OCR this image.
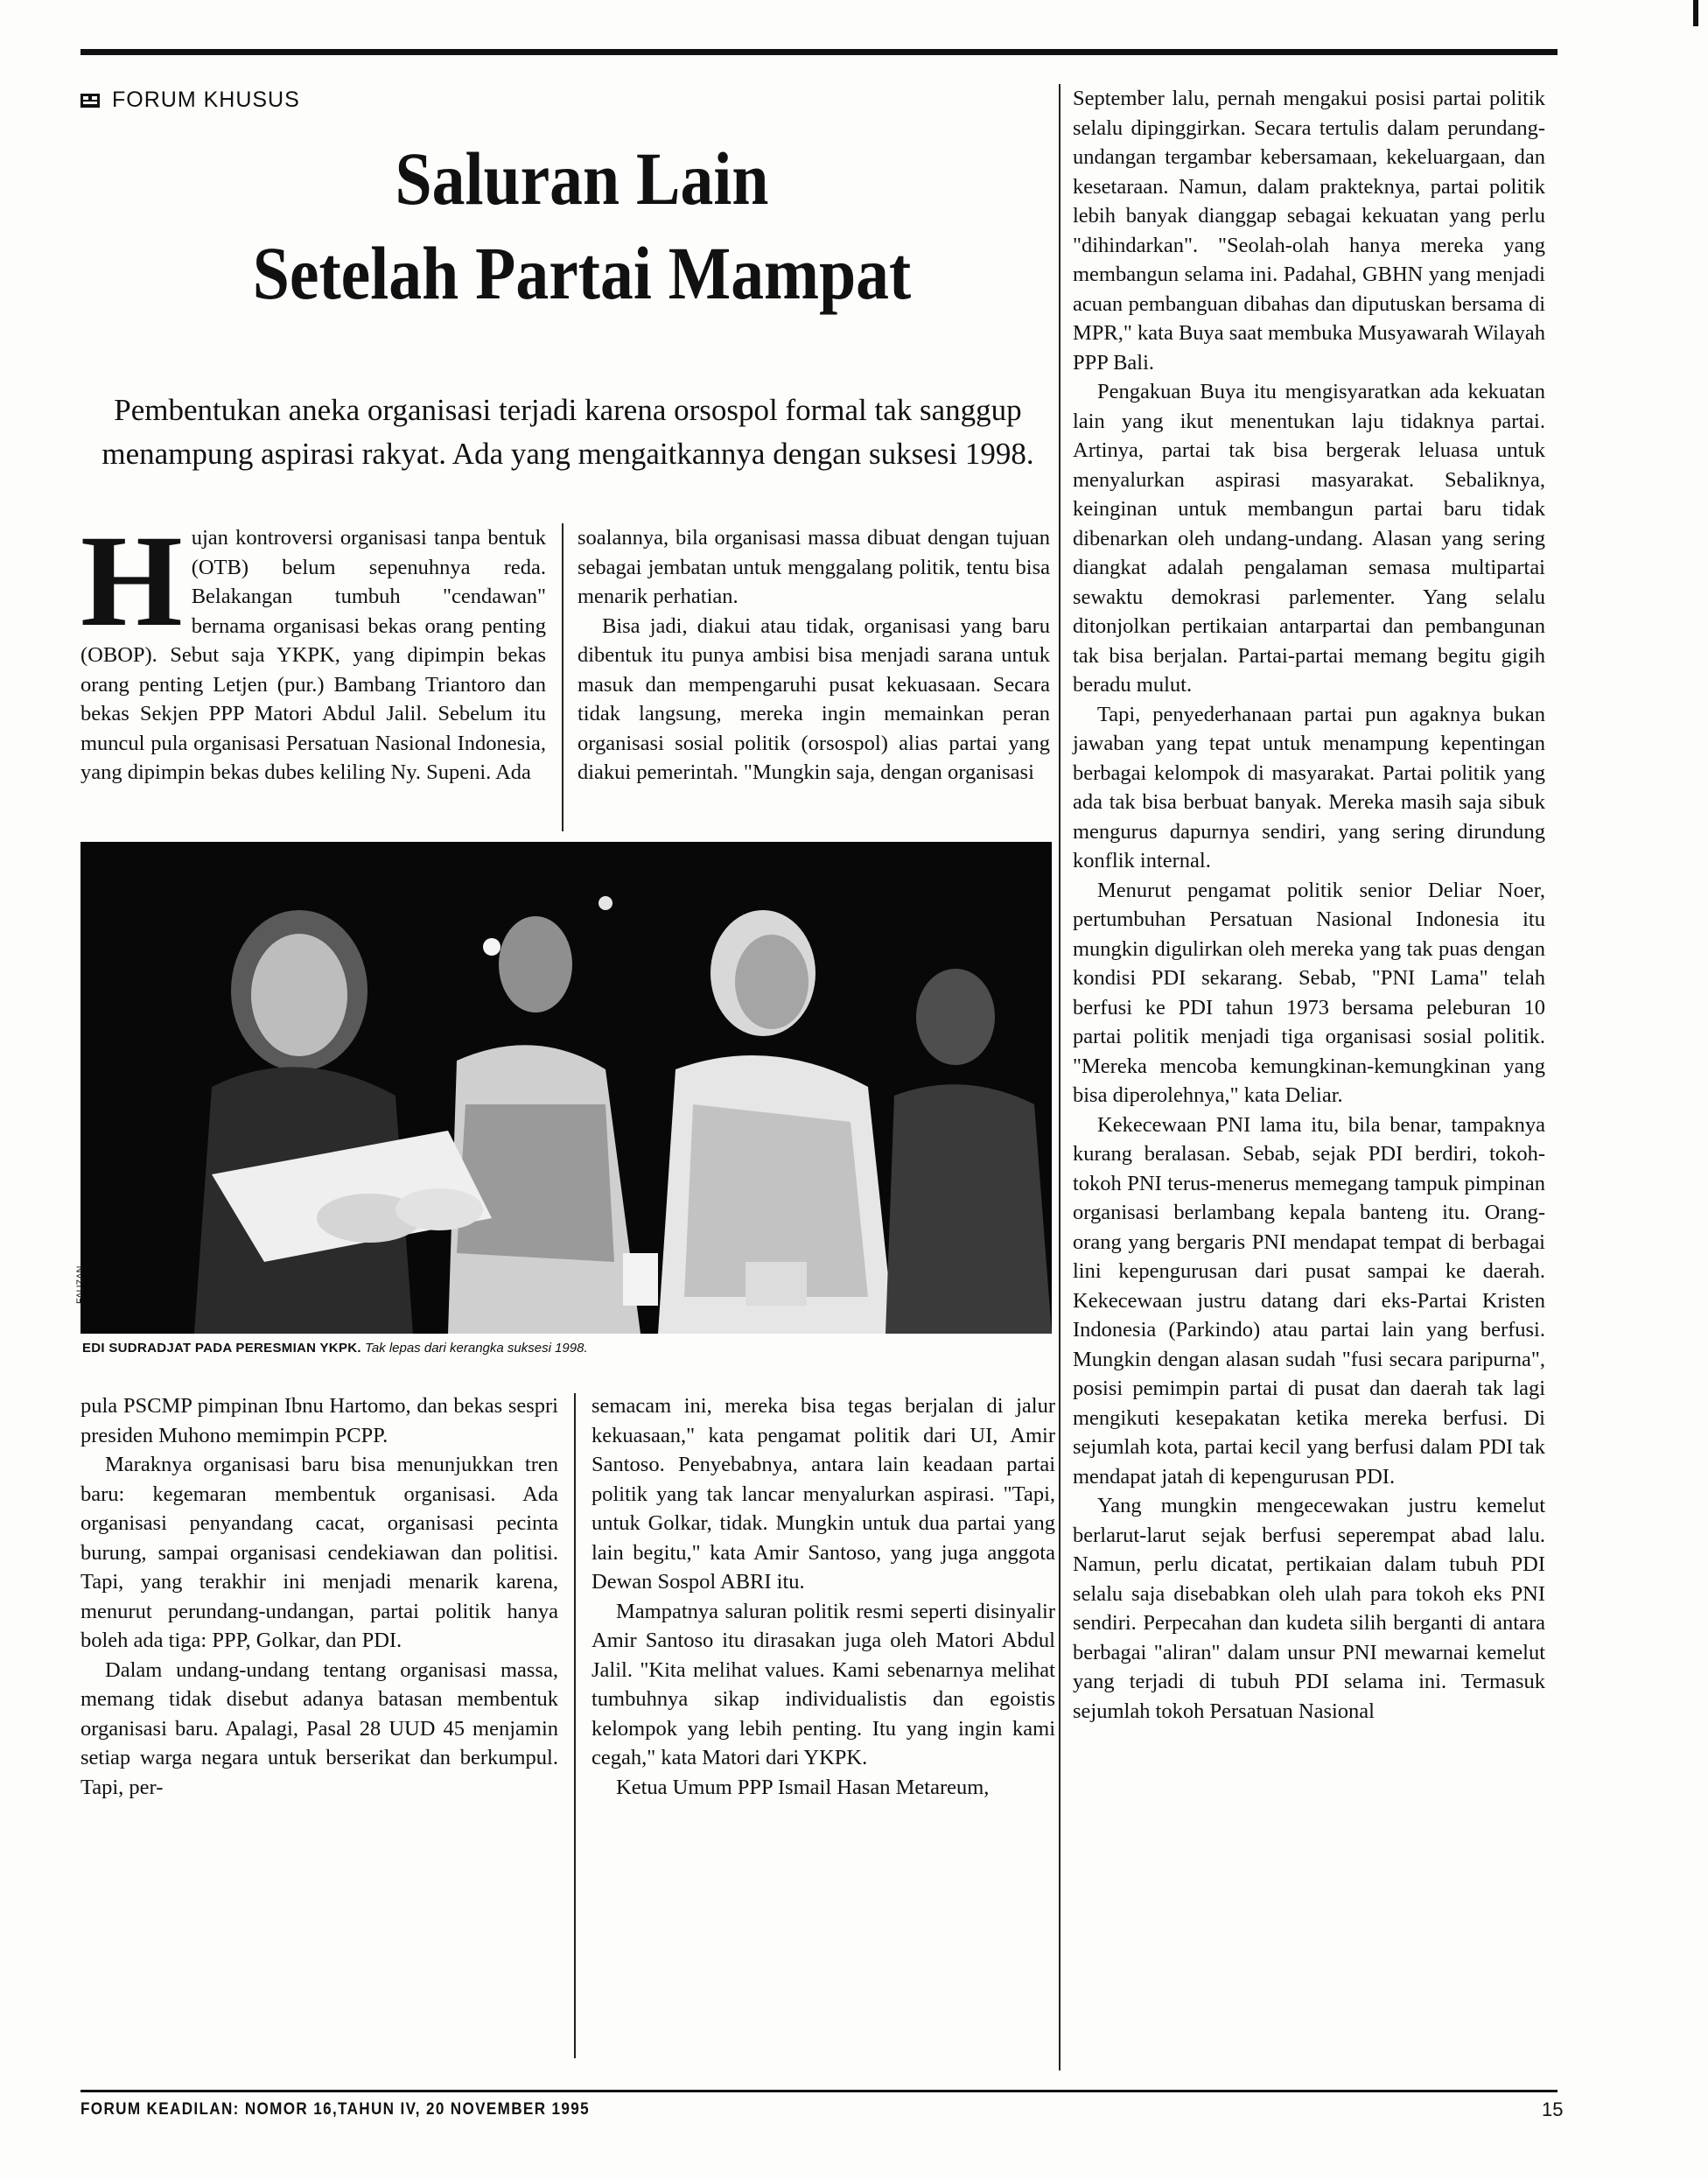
FORUM KHUSUS
Saluran Lain
Setelah Partai Mampat
Pembentukan aneka organisasi terjadi karena orsospol formal tak sanggup menampung aspirasi rakyat. Ada yang mengaitkannya dengan suksesi 1998.
H ujan kontroversi organisasi tanpa bentuk (OTB) belum sepenuhnya reda. Belakangan tumbuh "cendawan" bernama organisasi bekas orang penting (OBOP). Sebut saja YKPK, yang dipimpin bekas orang penting Letjen (pur.) Bambang Triantoro dan bekas Sekjen PPP Matori Abdul Jalil. Sebelum itu muncul pula organisasi Persatuan Nasional Indonesia, yang dipimpin bekas dubes keliling Ny. Supeni. Ada

soalannya, bila organisasi massa dibuat dengan tujuan sebagai jembatan untuk menggalang politik, tentu bisa menarik perhatian.

Bisa jadi, diakui atau tidak, organisasi yang baru dibentuk itu punya ambisi bisa menjadi sarana untuk masuk dan mempengaruhi pusat kekuasaan. Secara tidak langsung, mereka ingin memainkan peran organisasi sosial politik (orsospol) alias partai yang diakui pemerintah. "Mungkin saja, dengan organisasi

FAUZAN
EDI SUDRADJAT PADA PERESMIAN YKPK. Tak lepas dari kerangka suksesi 1998.

pula PSCMP pimpinan Ibnu Hartomo, dan bekas sespri presiden Muhono memimpin PCPP.

Maraknya organisasi baru bisa menunjukkan tren baru: kegemaran membentuk organisasi. Ada organisasi penyandang cacat, organisasi pecinta burung, sampai organisasi cendekiawan dan politisi. Tapi, yang terakhir ini menjadi menarik karena, menurut perundang-undangan, partai politik hanya boleh ada tiga: PPP, Golkar, dan PDI.

Dalam undang-undang tentang organisasi massa, memang tidak disebut adanya batasan membentuk organisasi baru. Apalagi, Pasal 28 UUD 45 menjamin setiap warga negara untuk berserikat dan berkumpul. Tapi, per-

semacam ini, mereka bisa tegas berjalan di jalur kekuasaan," kata pengamat politik dari UI, Amir Santoso. Penyebabnya, antara lain keadaan partai politik yang tak lancar menyalurkan aspirasi. "Tapi, untuk Golkar, tidak. Mungkin untuk dua partai yang lain begitu," kata Amir Santoso, yang juga anggota Dewan Sospol ABRI itu.

Mampatnya saluran politik resmi seperti disinyalir Amir Santoso itu dirasakan juga oleh Matori Abdul Jalil. "Kita melihat values. Kami sebenarnya melihat tumbuhnya sikap individualistis dan egoistis kelompok yang lebih penting. Itu yang ingin kami cegah," kata Matori dari YKPK.

Ketua Umum PPP Ismail Hasan Metareum,

September lalu, pernah mengakui posisi partai politik selalu dipinggirkan. Secara tertulis dalam perundang-undangan tergambar kebersamaan, kekeluargaan, dan kesetaraan. Namun, dalam prakteknya, partai politik lebih banyak dianggap sebagai kekuatan yang perlu "dihindarkan". "Seolah-olah hanya mereka yang membangun selama ini. Padahal, GBHN yang menjadi acuan pembanguan dibahas dan diputuskan bersama di MPR," kata Buya saat membuka Musyawarah Wilayah PPP Bali.

Pengakuan Buya itu mengisyaratkan ada kekuatan lain yang ikut menentukan laju tidaknya partai. Artinya, partai tak bisa bergerak leluasa untuk menyalurkan aspirasi masyarakat. Sebaliknya, keinginan untuk membangun partai baru tidak dibenarkan oleh undang-undang. Alasan yang sering diangkat adalah pengalaman semasa multipartai sewaktu demokrasi parlementer. Yang selalu ditonjolkan pertikaian antarpartai dan pembangunan tak bisa berjalan. Partai-partai memang begitu gigih beradu mulut.

Tapi, penyederhanaan partai pun agaknya bukan jawaban yang tepat untuk menampung kepentingan berbagai kelompok di masyarakat. Partai politik yang ada tak bisa berbuat banyak. Mereka masih saja sibuk mengurus dapurnya sendiri, yang sering dirundung konflik internal.

Menurut pengamat politik senior Deliar Noer, pertumbuhan Persatuan Nasional Indonesia itu mungkin digulirkan oleh mereka yang tak puas dengan kondisi PDI sekarang. Sebab, "PNI Lama" telah berfusi ke PDI tahun 1973 bersama peleburan 10 partai politik menjadi tiga organisasi sosial politik. "Mereka mencoba kemungkinan-kemungkinan yang bisa diperolehnya," kata Deliar.

Kekecewaan PNI lama itu, bila benar, tampaknya kurang beralasan. Sebab, sejak PDI berdiri, tokoh-tokoh PNI terus-menerus memegang tampuk pimpinan organisasi berlambang kepala banteng itu. Orang-orang yang bergaris PNI mendapat tempat di berbagai lini kepengurusan dari pusat sampai ke daerah. Kekecewaan justru datang dari eks-Partai Kristen Indonesia (Parkindo) atau partai lain yang berfusi. Mungkin dengan alasan sudah "fusi secara paripurna", posisi pemimpin partai di pusat dan daerah tak lagi mengikuti kesepakatan ketika mereka berfusi. Di sejumlah kota, partai kecil yang berfusi dalam PDI tak mendapat jatah di kepengurusan PDI.

Yang mungkin mengecewakan justru kemelut berlarut-larut sejak berfusi seperempat abad lalu. Namun, perlu dicatat, pertikaian dalam tubuh PDI selalu saja disebabkan oleh ulah para tokoh eks PNI sendiri. Perpecahan dan kudeta silih berganti di antara berbagai "aliran" dalam unsur PNI mewarnai kemelut yang terjadi di tubuh PDI selama ini. Termasuk sejumlah tokoh Persatuan Nasional

FORUM KEADILAN: NOMOR 16,TAHUN IV, 20 NOVEMBER 1995	15
